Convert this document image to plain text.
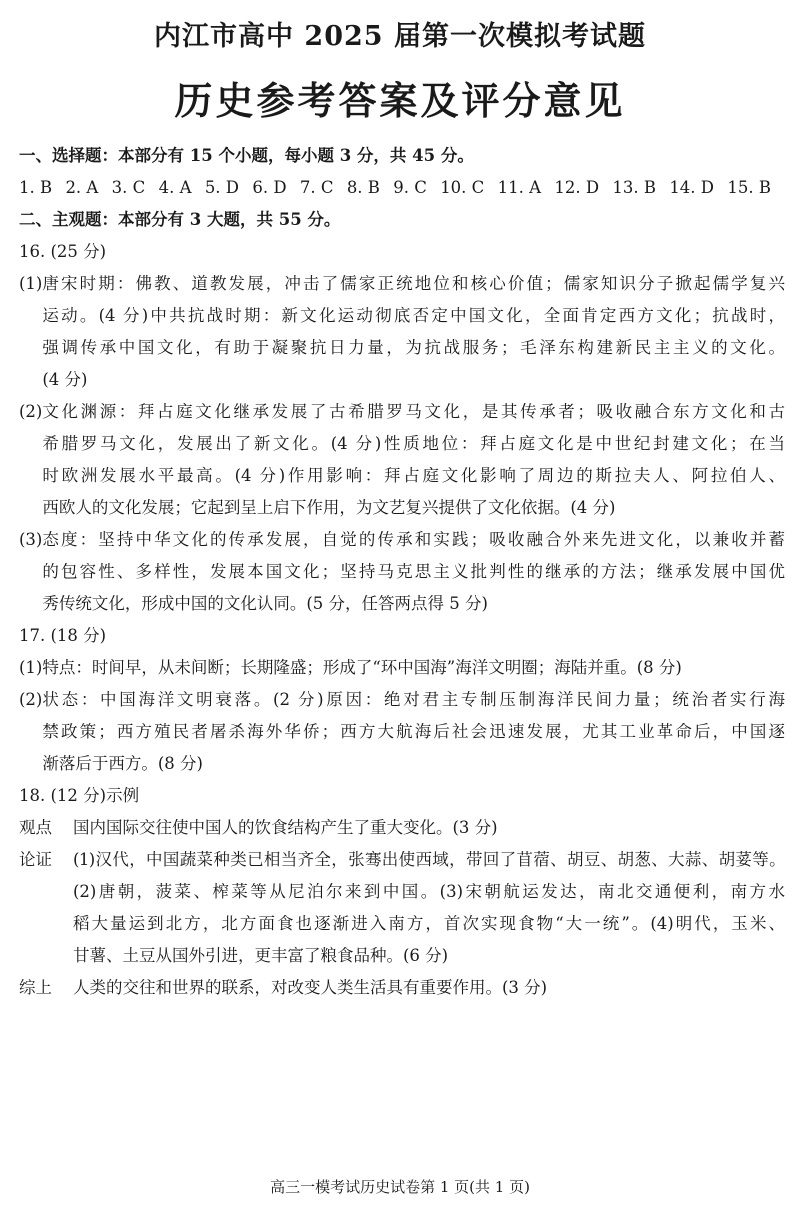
内江市高中 2025 届第一次模拟考试题
历史参考答案及评分意见
一、选择题：本部分有 15 个小题，每小题 3 分，共 45 分。
1. B 2. A 3. C 4. A 5. D 6. D 7. C 8. B 9. C 10. C 11. A 12. D 13. B 14. D 15. B
二、主观题：本部分有 3 大题，共 55 分。
16. (25 分)
(1) 唐宋时期：佛教、道教发展，冲击了儒家正统地位和核心价值；儒家知识分子掀起儒学复兴

运动。(4 分)中共抗战时期：新文化运动彻底否定中国文化，全面肯定西方文化；抗战时，

强调传承中国文化，有助于凝聚抗日力量，为抗战服务；毛泽东构建新民主主义的文化。

(4 分)

(2) 文化渊源：拜占庭文化继承发展了古希腊罗马文化，是其传承者；吸收融合东方文化和古

希腊罗马文化，发展出了新文化。(4 分)性质地位：拜占庭文化是中世纪封建文化；在当

时欧洲发展水平最高。(4 分)作用影响：拜占庭文化影响了周边的斯拉夫人、阿拉伯人、

西欧人的文化发展；它起到呈上启下作用，为文艺复兴提供了文化依据。(4 分)

(3) 态度：坚持中华文化的传承发展，自觉的传承和实践；吸收融合外来先进文化，以兼收并蓄

的包容性、多样性，发展本国文化；坚持马克思主义批判性的继承的方法；继承发展中国优

秀传统文化，形成中国的文化认同。(5 分，任答两点得 5 分)

17. (18 分)
(1) 特点：时间早，从未间断；长期隆盛；形成了“环中国海”海洋文明圈；海陆并重。(8 分)

(2) 状态：中国海洋文明衰落。(2 分)原因：绝对君主专制压制海洋民间力量；统治者实行海

禁政策；西方殖民者屠杀海外华侨；西方大航海后社会迅速发展，尤其工业革命后，中国逐

渐落后于西方。(8 分)

18. (12 分)示例
观点	国内国际交往使中国人的饮食结构产生了重大变化。(3 分)

论证	(1)汉代，中国蔬菜种类已相当齐全，张骞出使西域，带回了苜蓿、胡豆、胡葱、大蒜、胡荽等。

(2)唐朝，菠菜、榨菜等从尼泊尔来到中国。(3)宋朝航运发达，南北交通便利，南方水

稻大量运到北方，北方面食也逐渐进入南方，首次实现食物“大一统”。(4)明代，玉米、

甘薯、土豆从国外引进，更丰富了粮食品种。(6 分)

综上	人类的交往和世界的联系，对改变人类生活具有重要作用。(3 分)

高三一模考试历史试卷第 1 页(共 1 页)
